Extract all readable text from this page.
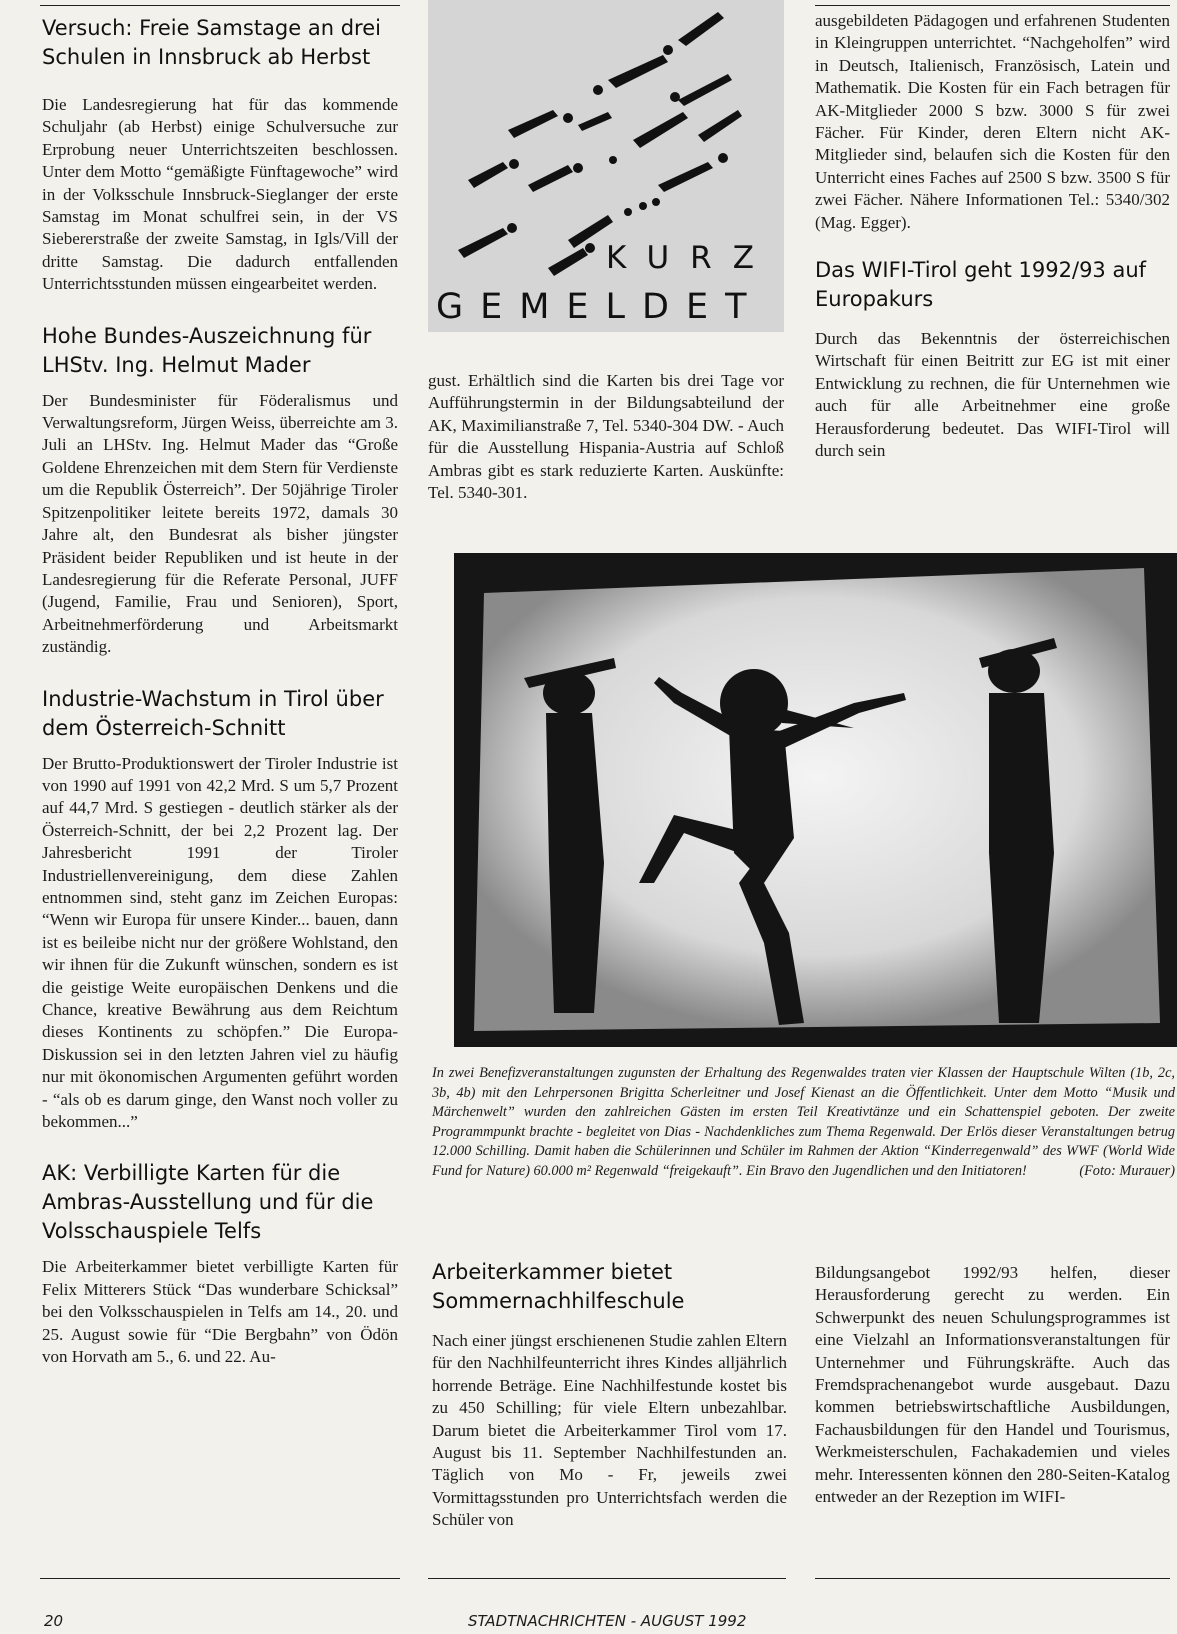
Versuch: Freie Samstage an drei Schulen in Innsbruck ab Herbst

Die Landesregierung hat für das kommende Schuljahr (ab Herbst) einige Schulversuche zur Erprobung neuer Unterrichtszeiten beschlossen. Unter dem Motto “gemäßigte Fünftagewoche” wird in der Volksschule Innsbruck-Sieglanger der erste Samstag im Monat schulfrei sein, in der VS Siebererstraße der zweite Samstag, in Igls/Vill der dritte Samstag. Die dadurch entfallenden Unterrichtsstunden müssen eingearbeitet werden.

Hohe Bundes-Auszeichnung für LHStv. Ing. Helmut Mader

Der Bundesminister für Föderalismus und Verwaltungsreform, Jürgen Weiss, überreichte am 3. Juli an LHStv. Ing. Helmut Mader das “Große Goldene Ehrenzeichen mit dem Stern für Verdienste um die Republik Österreich”. Der 50jährige Tiroler Spitzenpolitiker leitete bereits 1972, damals 30 Jahre alt, den Bundesrat als bisher jüngster Präsident beider Republiken und ist heute in der Landesregierung für die Referate Personal, JUFF (Jugend, Familie, Frau und Senioren), Sport, Arbeitnehmerförderung und Arbeitsmarkt zuständig.

Industrie-Wachstum in Tirol über dem Österreich-Schnitt

Der Brutto-Produktionswert der Tiroler Industrie ist von 1990 auf 1991 von 42,2 Mrd. S um 5,7 Prozent auf 44,7 Mrd. S gestiegen - deutlich stärker als der Österreich-Schnitt, der bei 2,2 Prozent lag. Der Jahresbericht 1991 der Tiroler Industriellenvereinigung, dem diese Zahlen entnommen sind, steht ganz im Zeichen Europas: “Wenn wir Europa für unsere Kinder... bauen, dann ist es beileibe nicht nur der größere Wohlstand, den wir ihnen für die Zukunft wünschen, sondern es ist die geistige Weite europäischen Denkens und die Chance, kreative Bewährung aus dem Reichtum dieses Kontinents zu schöpfen.” Die Europa-Diskussion sei in den letzten Jahren viel zu häufig nur mit ökonomischen Argumenten geführt worden - “als ob es darum ginge, den Wanst noch voller zu bekommen...”

AK: Verbilligte Karten für die Ambras-Ausstellung und für die Volsschauspiele Telfs

Die Arbeiterkammer bietet verbilligte Karten für Felix Mitterers Stück “Das wunderbare Schicksal” bei den Volksschauspielen in Telfs am 14., 20. und 25. August sowie für “Die Bergbahn” von Ödön von Horvath am 5., 6. und 22. Au-

KURZ
GEMELDET

gust. Erhältlich sind die Karten bis drei Tage vor Aufführungstermin in der Bildungsabteilund der AK, Maximilianstraße 7, Tel. 5340-304 DW. - Auch für die Ausstellung Hispania-Austria auf Schloß Ambras gibt es stark reduzierte Karten. Auskünfte: Tel. 5340-301.

ausgebildeten Pädagogen und erfahrenen Studenten in Kleingruppen unterrichtet. “Nachgeholfen” wird in Deutsch, Italienisch, Französisch, Latein und Mathematik. Die Kosten für ein Fach betragen für AK-Mitglieder 2000 S bzw. 3000 S für zwei Fächer. Für Kinder, deren Eltern nicht AK-Mitglieder sind, belaufen sich die Kosten für den Unterricht eines Faches auf 2500 S bzw. 3500 S für zwei Fächer. Nähere Informationen Tel.: 5340/302 (Mag. Egger).

Das WIFI-Tirol geht 1992/93 auf Europakurs

Durch das Bekenntnis der österreichischen Wirtschaft für einen Beitritt zur EG ist mit einer Entwicklung zu rechnen, die für Unternehmen wie auch für alle Arbeitnehmer eine große Herausforderung bedeutet. Das WIFI-Tirol will durch sein

In zwei Benefizveranstaltungen zugunsten der Erhaltung des Regenwaldes traten vier Klassen der Hauptschule Wilten (1b, 2c, 3b, 4b) mit den Lehrpersonen Brigitta Scherleitner und Josef Kienast an die Öffentlichkeit. Unter dem Motto “Musik und Märchenwelt” wurden den zahlreichen Gästen im ersten Teil Kreativtänze und ein Schattenspiel geboten. Der zweite Programmpunkt brachte - begleitet von Dias - Nachdenkliches zum Thema Regenwald. Der Erlös dieser Veranstaltungen betrug 12.000 Schilling. Damit haben die Schülerinnen und Schüler im Rahmen der Aktion “Kinderregenwald” des WWF (World Wide Fund for Nature) 60.000 m² Regenwald “freigekauft”. Ein Bravo den Jugendlichen und den Initiatoren!	(Foto: Murauer)

Arbeiterkammer bietet Sommernachhilfeschule

Nach einer jüngst erschienenen Studie zahlen Eltern für den Nachhilfeunterricht ihres Kindes alljährlich horrende Beträge. Eine Nachhilfestunde kostet bis zu 450 Schilling; für viele Eltern unbezahlbar. Darum bietet die Arbeiterkammer Tirol vom 17. August bis 11. September Nachhilfestunden an. Täglich von Mo - Fr, jeweils zwei Vormittagsstunden pro Unterrichtsfach werden die Schüler von

Bildungsangebot 1992/93 helfen, dieser Herausforderung gerecht zu werden. Ein Schwerpunkt des neuen Schulungsprogrammes ist eine Vielzahl an Informationsveranstaltungen für Unternehmer und Führungskräfte. Auch das Fremdsprachenangebot wurde ausgebaut. Dazu kommen betriebswirtschaftliche Ausbildungen, Fachausbildungen für den Handel und Tourismus, Werkmeisterschulen, Fachakademien und vieles mehr. Interessenten können den 280-Seiten-Katalog entweder an der Rezeption im WIFI-

20	STADTNACHRICHTEN - AUGUST 1992
